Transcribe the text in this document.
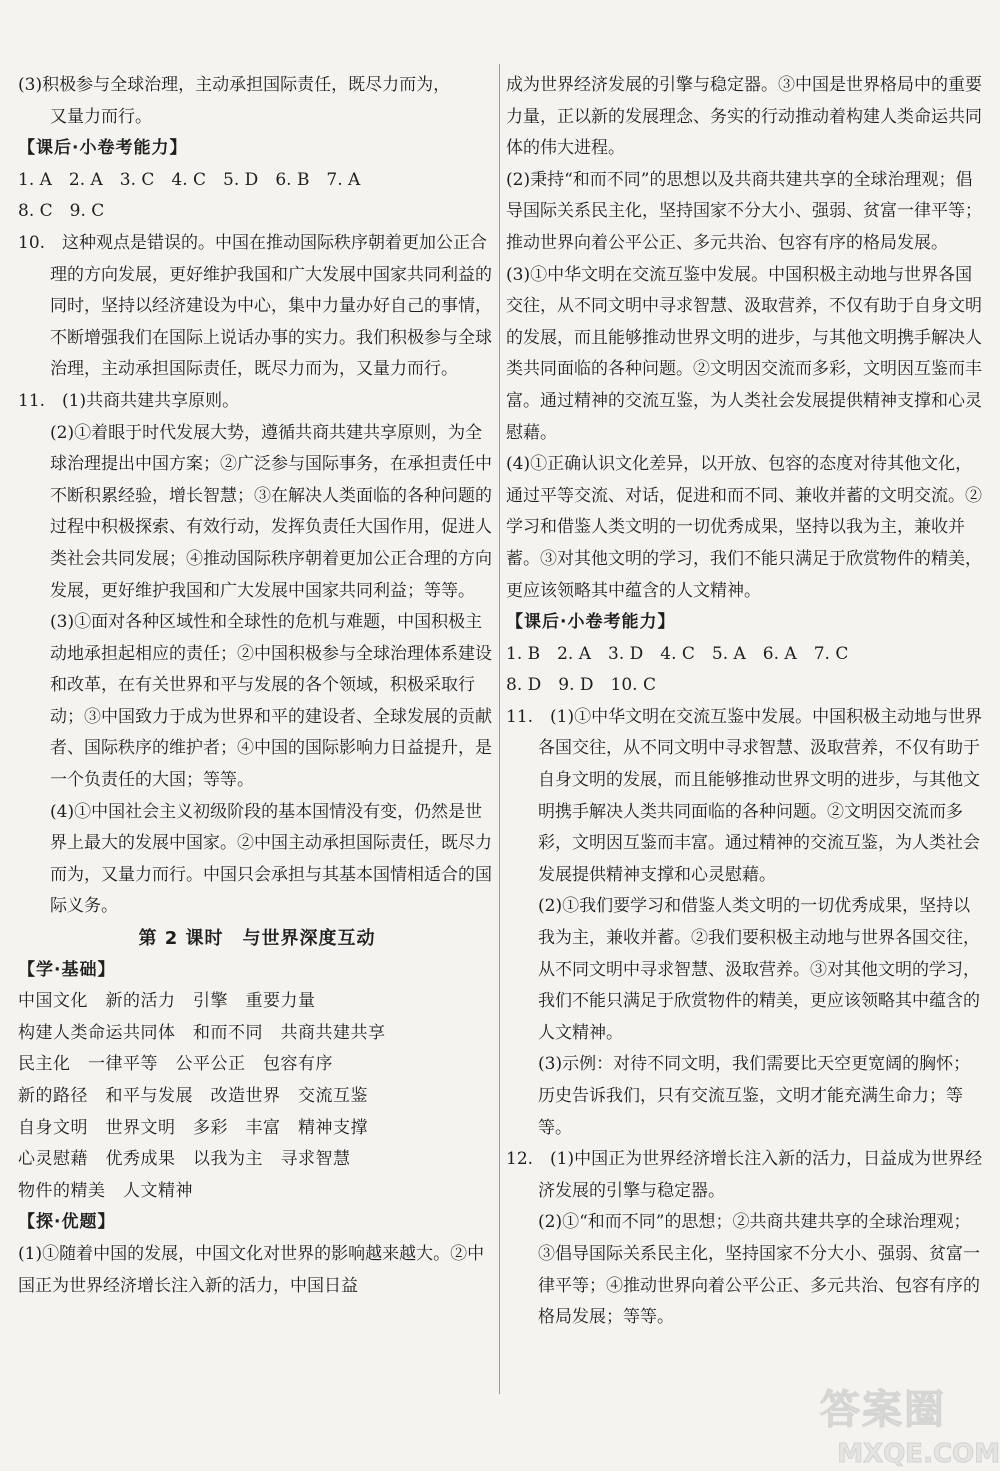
(3)积极参与全球治理，主动承担国际责任，既尽力而为，

又量力而行。

【课后·小卷考能力】

1. A　2. A　3. C　4. C　5. D　6. B　7. A

8. C　9. C

10.　这种观点是错误的。中国在推动国际秩序朝着更加公正合理的方向发展，更好维护我国和广大发展中国家共同利益的同时，坚持以经济建设为中心，集中力量办好自己的事情，不断增强我们在国际上说话办事的实力。我们积极参与全球治理，主动承担国际责任，既尽力而为，又量力而行。

11.　(1)共商共建共享原则。

(2)①着眼于时代发展大势，遵循共商共建共享原则，为全球治理提出中国方案；②广泛参与国际事务，在承担责任中不断积累经验，增长智慧；③在解决人类面临的各种问题的过程中积极探索、有效行动，发挥负责任大国作用，促进人类社会共同发展；④推动国际秩序朝着更加公正合理的方向发展，更好维护我国和广大发展中国家共同利益；等等。

(3)①面对各种区域性和全球性的危机与难题，中国积极主动地承担起相应的责任；②中国积极参与全球治理体系建设和改革，在有关世界和平与发展的各个领域，积极采取行动；③中国致力于成为世界和平的建设者、全球发展的贡献者、国际秩序的维护者；④中国的国际影响力日益提升，是一个负责任的大国；等等。

(4)①中国社会主义初级阶段的基本国情没有变，仍然是世界上最大的发展中国家。②中国主动承担国际责任，既尽力而为，又量力而行。中国只会承担与其基本国情相适合的国际义务。

第 2 课时　与世界深度互动

【学·基础】

中国文化　新的活力　引擎　重要力量

构建人类命运共同体　和而不同　共商共建共享

民主化　一律平等　公平公正　包容有序

新的路径　和平与发展　改造世界　交流互鉴

自身文明　世界文明　多彩　丰富　精神支撑

心灵慰藉　优秀成果　以我为主　寻求智慧

物件的精美　人文精神

【探·优题】

(1)①随着中国的发展，中国文化对世界的影响越来越大。②中国正为世界经济增长注入新的活力，中国日益

成为世界经济发展的引擎与稳定器。③中国是世界格局中的重要力量，正以新的发展理念、务实的行动推动着构建人类命运共同体的伟大进程。

(2)秉持“和而不同”的思想以及共商共建共享的全球治理观；倡导国际关系民主化，坚持国家不分大小、强弱、贫富一律平等；推动世界向着公平公正、多元共治、包容有序的格局发展。

(3)①中华文明在交流互鉴中发展。中国积极主动地与世界各国交往，从不同文明中寻求智慧、汲取营养，不仅有助于自身文明的发展，而且能够推动世界文明的进步，与其他文明携手解决人类共同面临的各种问题。②文明因交流而多彩，文明因互鉴而丰富。通过精神的交流互鉴，为人类社会发展提供精神支撑和心灵慰藉。

(4)①正确认识文化差异，以开放、包容的态度对待其他文化，通过平等交流、对话，促进和而不同、兼收并蓄的文明交流。②学习和借鉴人类文明的一切优秀成果，坚持以我为主，兼收并蓄。③对其他文明的学习，我们不能只满足于欣赏物件的精美，更应该领略其中蕴含的人文精神。

【课后·小卷考能力】

1. B　2. A　3. D　4. C　5. A　6. A　7. C

8. D　9. D　10. C

11.　(1)①中华文明在交流互鉴中发展。中国积极主动地与世界各国交往，从不同文明中寻求智慧、汲取营养，不仅有助于自身文明的发展，而且能够推动世界文明的进步，与其他文明携手解决人类共同面临的各种问题。②文明因交流而多彩，文明因互鉴而丰富。通过精神的交流互鉴，为人类社会发展提供精神支撑和心灵慰藉。

(2)①我们要学习和借鉴人类文明的一切优秀成果，坚持以我为主，兼收并蓄。②我们要积极主动地与世界各国交往，从不同文明中寻求智慧、汲取营养。③对其他文明的学习，我们不能只满足于欣赏物件的精美，更应该领略其中蕴含的人文精神。

(3)示例：对待不同文明，我们需要比天空更宽阔的胸怀；历史告诉我们，只有交流互鉴，文明才能充满生命力；等等。

12.　(1)中国正为世界经济增长注入新的活力，日益成为世界经济发展的引擎与稳定器。

(2)①“和而不同”的思想；②共商共建共享的全球治理观；③倡导国际关系民主化，坚持国家不分大小、强弱、贫富一律平等；④推动世界向着公平公正、多元共治、包容有序的格局发展；等等。

答案圈
MXQE.COM
